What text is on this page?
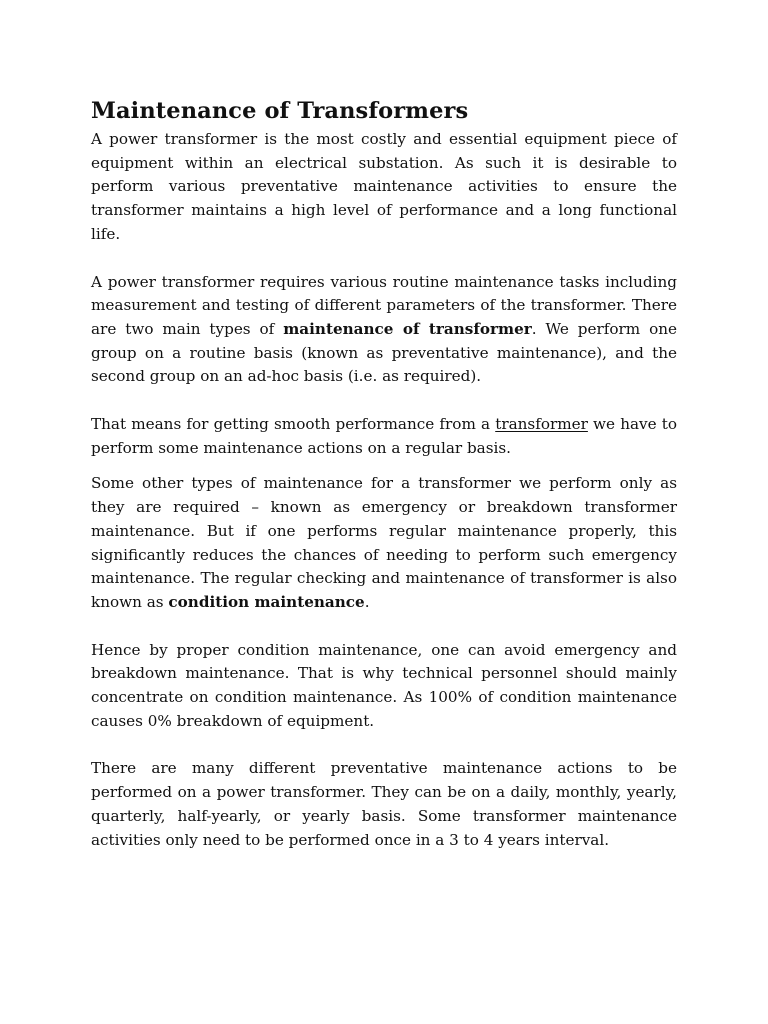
Maintenance of Transformers

A power transformer is the most costly and essential equipment piece of equipment within an electrical substation. As such it is desirable to perform various preventative maintenance activities to ensure the transformer maintains a high level of performance and a long functional life.

A power transformer requires various routine maintenance tasks including measurement and testing of different parameters of the transformer. There are two main types of maintenance of transformer. We perform one group on a routine basis (known as preventative maintenance), and the second group on an ad-hoc basis (i.e. as required).

That means for getting smooth performance from a transformer we have to perform some maintenance actions on a regular basis.

Some other types of maintenance for a transformer we perform only as they are required – known as emergency or breakdown transformer maintenance. But if one performs regular maintenance properly, this significantly reduces the chances of needing to perform such emergency maintenance. The regular checking and maintenance of transformer is also known as condition maintenance.

Hence by proper condition maintenance, one can avoid emergency and breakdown maintenance. That is why technical personnel should mainly concentrate on condition maintenance. As 100% of condition maintenance causes 0% breakdown of equipment.

There are many different preventative maintenance actions to be performed on a power transformer. They can be on a daily, monthly, yearly, quarterly, half-yearly, or yearly basis. Some transformer maintenance activities only need to be performed once in a 3 to 4 years interval.
